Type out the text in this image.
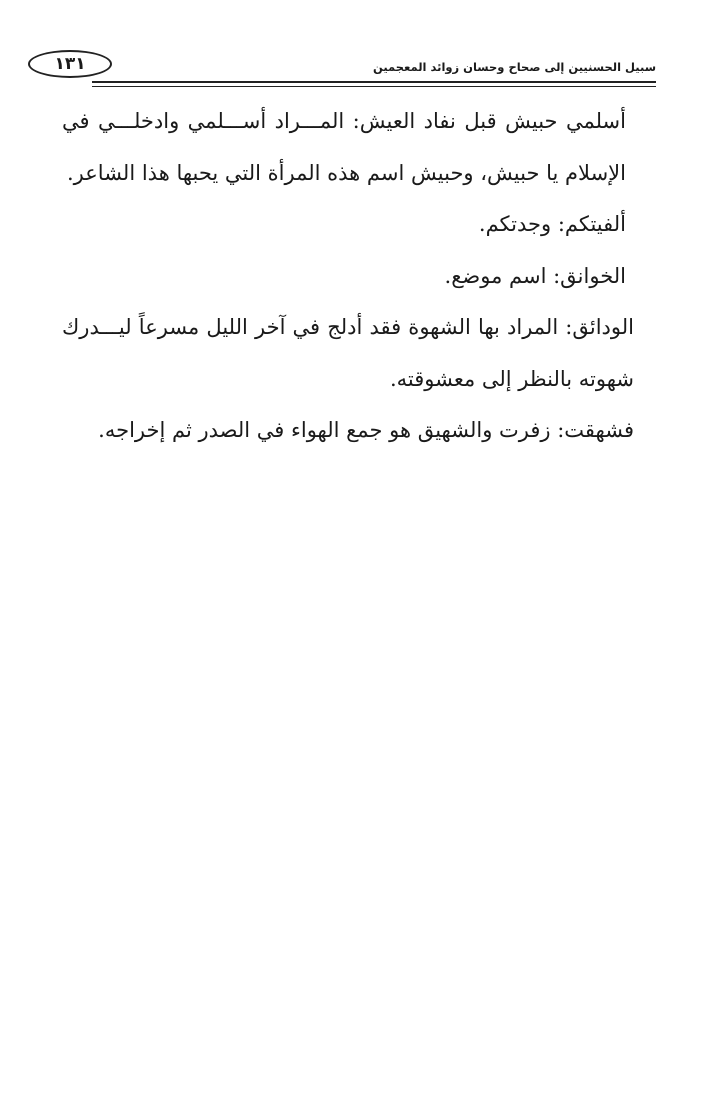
١٣١	سبيل الحسنيين إلى صحاح وحسان زوائد المعجمين

أسلمي حبيش قبل نفاد العيش: المـــراد أســـلمي وادخلـــي في الإسلام يا حبيش، وحبيش اسم هذه المرأة التي يحبها هذا الشاعر.

ألفيتكم: وجدتكم.

الخوانق: اسم موضع.

الودائق: المراد بها الشهوة فقد أدلج في آخر الليل مسرعاً ليـــدرك شهوته بالنظر إلى معشوقته.

فشهقت: زفرت والشهيق هو جمع الهواء في الصدر ثم إخراجه.
